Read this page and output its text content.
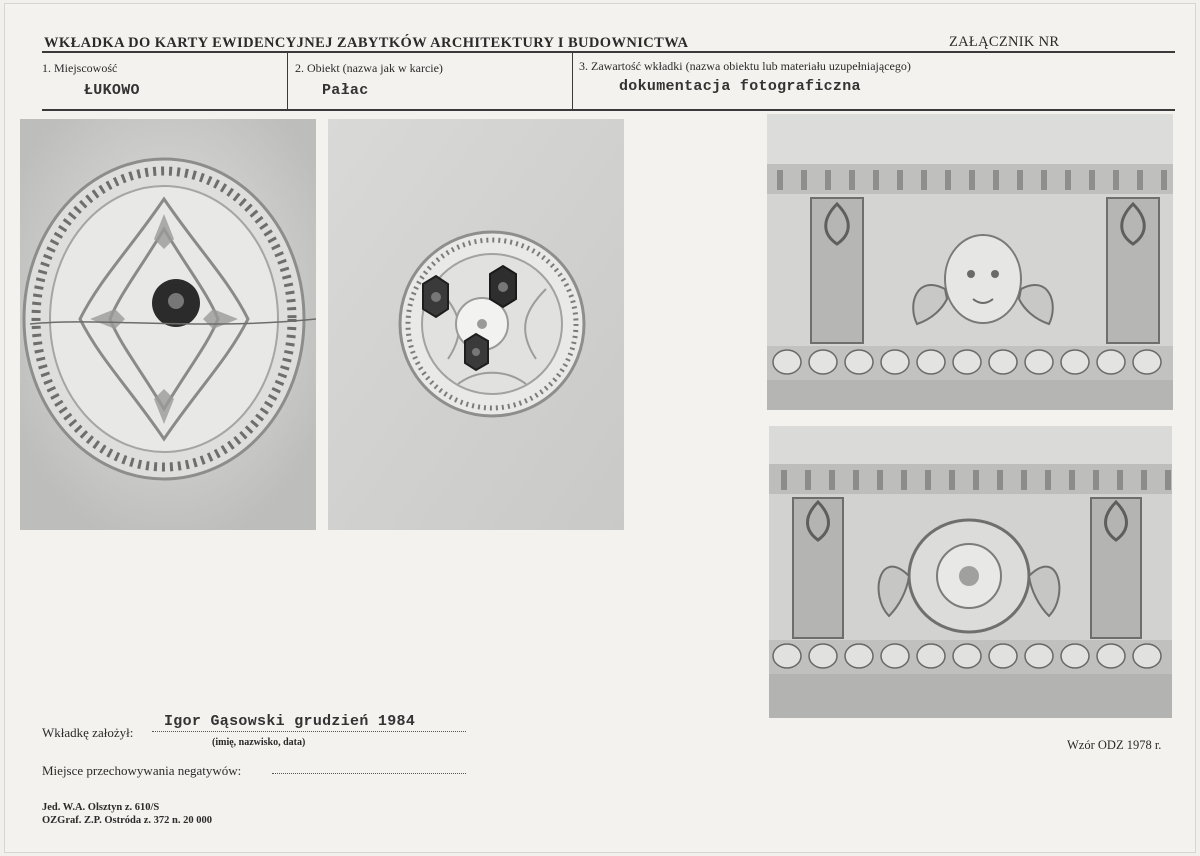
WKŁADKA DO KARTY EWIDENCYJNEJ ZABYTKÓW ARCHITEKTURY I BUDOWNICTWA	ZAŁĄCZNIK NR
1. Miejscowość
ŁUKOWO
2. Obiekt (nazwa jak w karcie)
Pałac
3. Zawartość wkładki (nazwa obiektu lub materiału uzupełniającego)
dokumentacja fotograficzna
Wkładkę założył:
Igor Gąsowski grudzień 1984
(imię, nazwisko, data)
Miejsce przechowywania negatywów:
Wzór ODZ 1978 r.
Jed. W.A. Olsztyn z. 610/S
OZGraf. Z.P. Ostróda z. 372 n. 20 000
